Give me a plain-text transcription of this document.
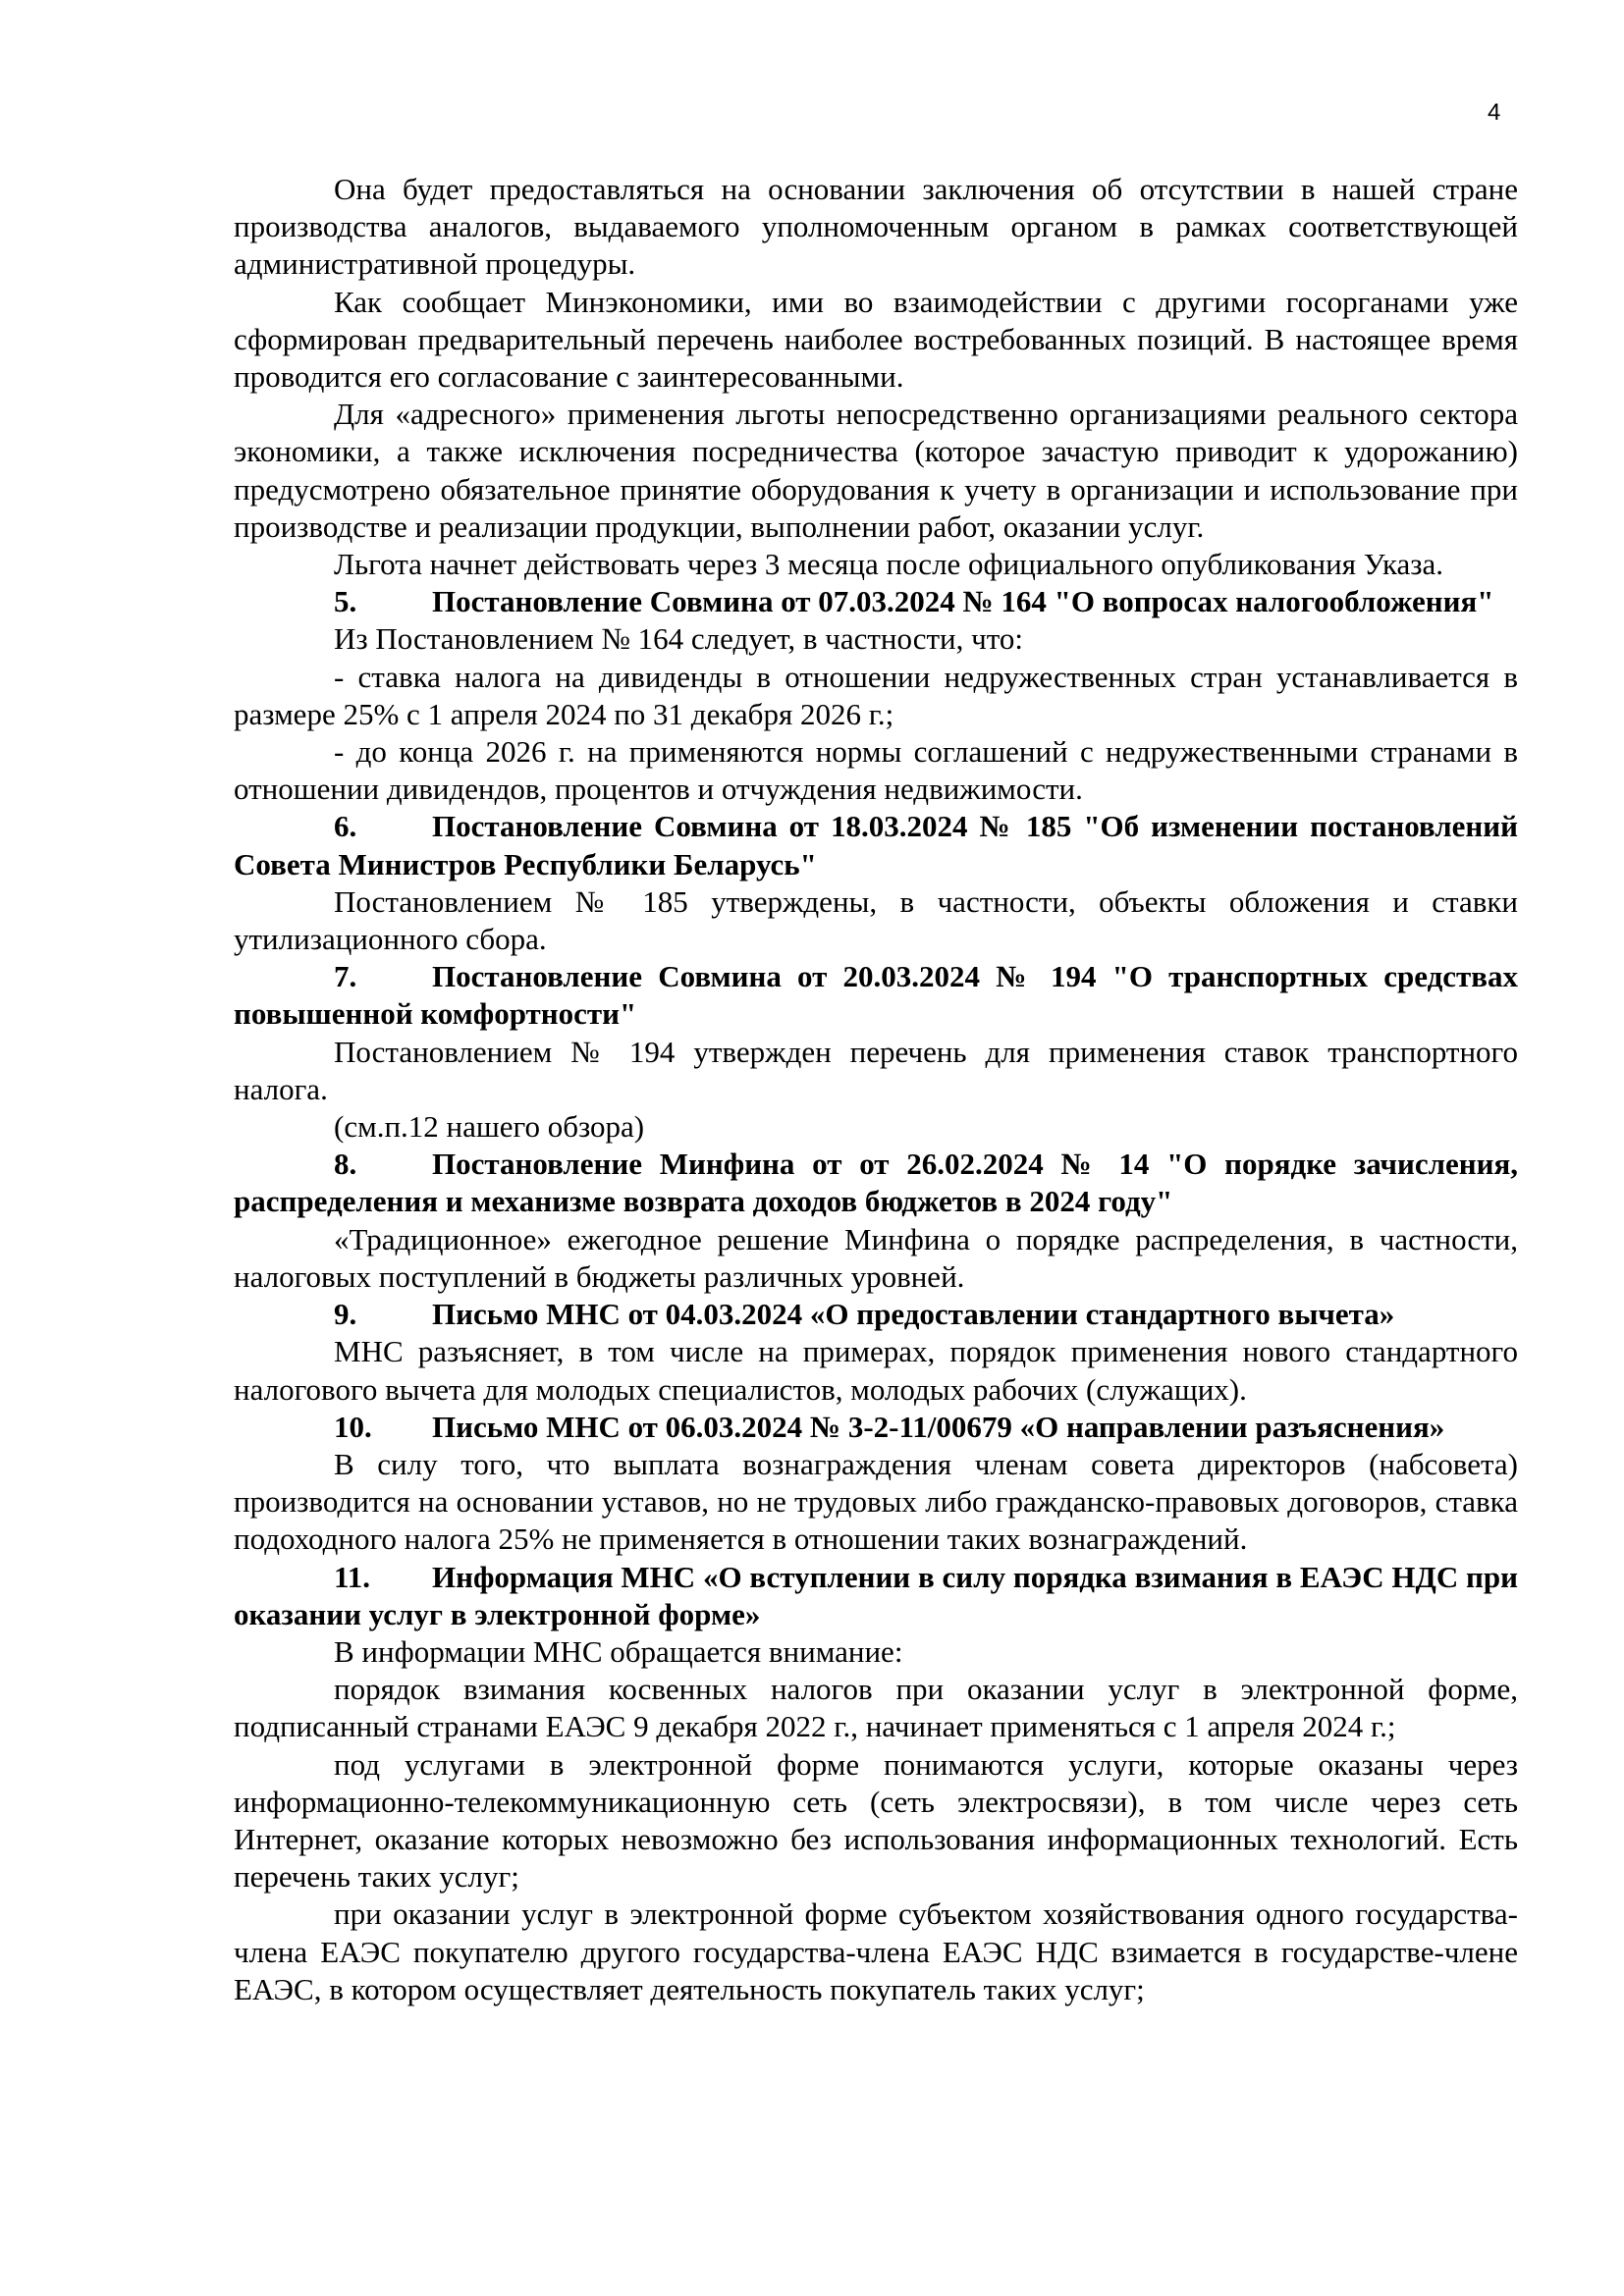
4

Она будет предоставляться на основании заключения об отсутствии в нашей стране производства аналогов, выдаваемого уполномоченным органом в рамках соответствующей административной процедуры.

Как сообщает Минэкономики, ими во взаимодействии с другими госорганами уже сформирован предварительный перечень наиболее востребованных позиций. В настоящее время проводится его согласование с заинтересованными.

Для «адресного» применения льготы непосредственно организациями реального сектора экономики, а также исключения посредничества (которое зачастую приводит к удорожанию) предусмотрено обязательное принятие оборудования к учету в организации и использование при производстве и реализации продукции, выполнении работ, оказании услуг.

Льгота начнет действовать через 3 месяца после официального опубликования Указа.

5. Постановление Совмина от 07.03.2024 № 164 "О вопросах налогообложения"

Из Постановлением № 164 следует, в частности, что:

- ставка налога на дивиденды в отношении недружественных стран устанавливается в размере 25% с 1 апреля 2024 по 31 декабря 2026 г.;

- до конца 2026 г. на применяются нормы соглашений с недружественными странами в отношении дивидендов, процентов и отчуждения недвижимости.

6. Постановление Совмина от 18.03.2024 № 185 "Об изменении постановлений Совета Министров Республики Беларусь"

Постановлением № 185 утверждены, в частности, объекты обложения и ставки утилизационного сбора.

7. Постановление Совмина от 20.03.2024 № 194 "О транспортных средствах повышенной комфортности"

Постановлением № 194 утвержден перечень для применения ставок транспортного налога.

(см.п.12 нашего обзора)

8. Постановление Минфина от от 26.02.2024 № 14 "О порядке зачисления, распределения и механизме возврата доходов бюджетов в 2024 году"

«Традиционное» ежегодное решение Минфина о порядке распределения, в частности, налоговых поступлений в бюджеты различных уровней.

9. Письмо МНС от 04.03.2024 «О предоставлении стандартного вычета»

МНС разъясняет, в том числе на примерах, порядок применения нового стандартного налогового вычета для молодых специалистов, молодых рабочих (служащих).

10. Письмо МНС от 06.03.2024 № 3-2-11/00679 «О направлении разъяснения»

В силу того, что выплата вознаграждения членам совета директоров (набсовета) производится на основании уставов, но не трудовых либо гражданско-правовых договоров, ставка подоходного налога 25% не применяется в отношении таких вознаграждений.

11. Информация МНС «О вступлении в силу порядка взимания в ЕАЭС НДС при оказании услуг в электронной форме»

В информации МНС обращается внимание:

порядок взимания косвенных налогов при оказании услуг в электронной форме, подписанный странами ЕАЭС 9 декабря 2022 г., начинает применяться с 1 апреля 2024 г.;

под услугами в электронной форме понимаются услуги, которые оказаны через информационно-телекоммуникационную сеть (сеть электросвязи), в том числе через сеть Интернет, оказание которых невозможно без использования информационных технологий. Есть перечень таких услуг;

при оказании услуг в электронной форме субъектом хозяйствования одного государства-члена ЕАЭС покупателю другого государства-члена ЕАЭС НДС взимается в государстве-члене ЕАЭС, в котором осуществляет деятельность покупатель таких услуг;
